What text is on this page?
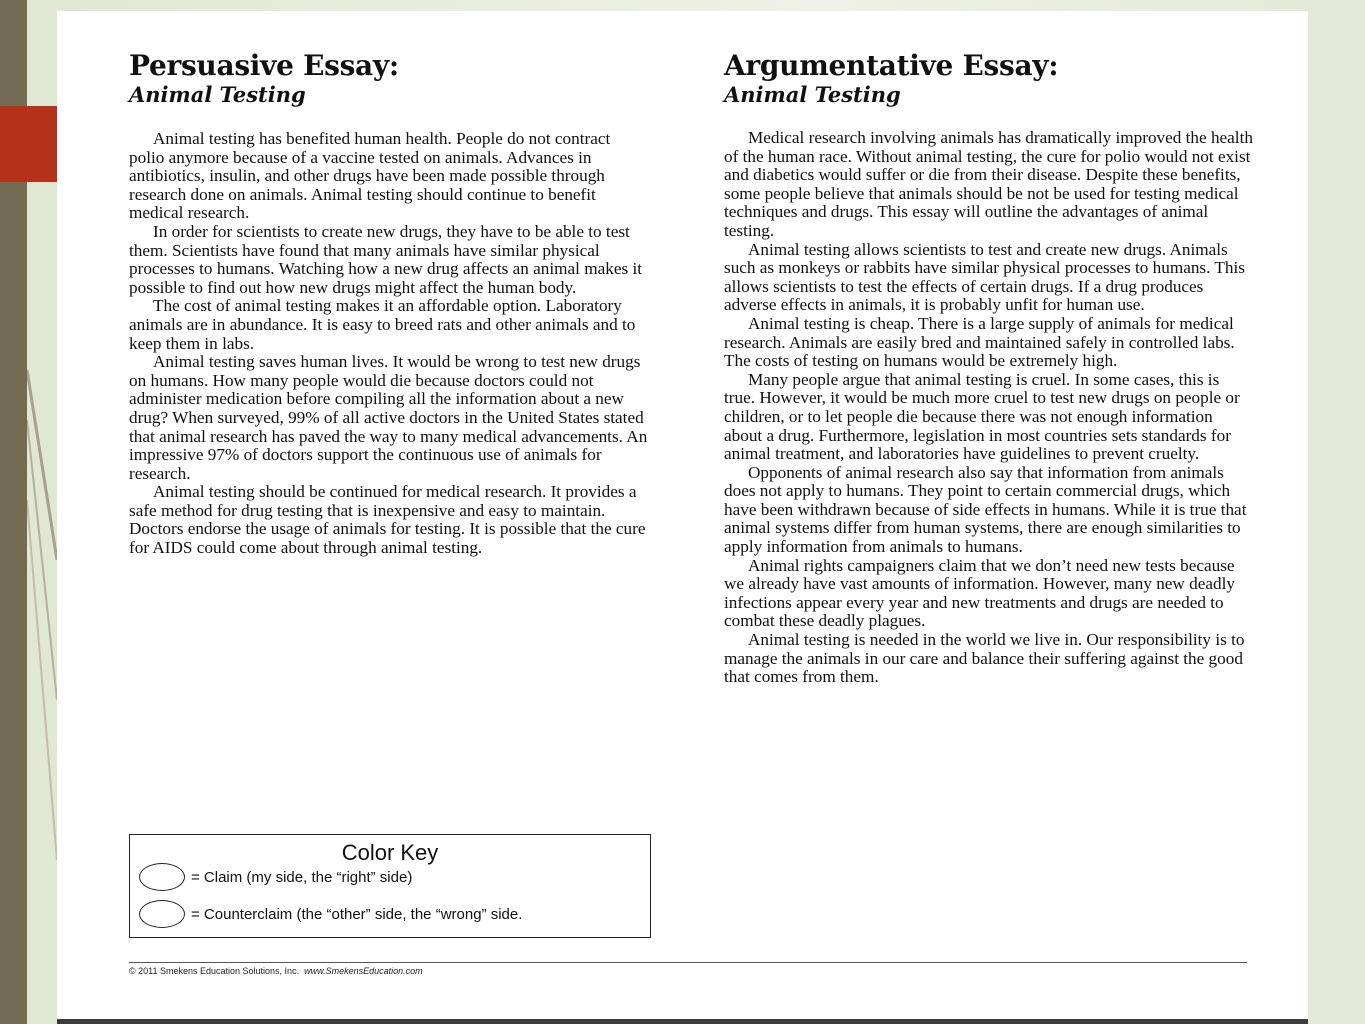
Persuasive Essay:
Animal Testing

Animal testing has benefited human health. People do not contract polio anymore because of a vaccine tested on animals. Advances in antibiotics, insulin, and other drugs have been made possible through research done on animals. Animal testing should continue to benefit medical research.

In order for scientists to create new drugs, they have to be able to test them. Scientists have found that many animals have similar physical processes to humans. Watching how a new drug affects an animal makes it possible to find out how new drugs might affect the human body.

The cost of animal testing makes it an affordable option. Laboratory animals are in abundance. It is easy to breed rats and other animals and to keep them in labs.

Animal testing saves human lives. It would be wrong to test new drugs on humans. How many people would die because doctors could not administer medication before compiling all the information about a new drug? When surveyed, 99% of all active doctors in the United States stated that animal research has paved the way to many medical advancements. An impressive 97% of doctors support the continuous use of animals for research.

Animal testing should be continued for medical research. It provides a safe method for drug testing that is inexpensive and easy to maintain. Doctors endorse the usage of animals for testing. It is possible that the cure for AIDS could come about through animal testing.

Argumentative Essay:
Animal Testing

Medical research involving animals has dramatically improved the health of the human race. Without animal testing, the cure for polio would not exist and diabetics would suffer or die from their disease. Despite these benefits, some people believe that animals should be not be used for testing medical techniques and drugs. This essay will outline the advantages of animal testing.

Animal testing allows scientists to test and create new drugs. Animals such as monkeys or rabbits have similar physical processes to humans. This allows scientists to test the effects of certain drugs. If a drug produces adverse effects in animals, it is probably unfit for human use.

Animal testing is cheap. There is a large supply of animals for medical research. Animals are easily bred and maintained safely in controlled labs. The costs of testing on humans would be extremely high.

Many people argue that animal testing is cruel. In some cases, this is true. However, it would be much more cruel to test new drugs on people or children, or to let people die because there was not enough information about a drug. Furthermore, legislation in most countries sets standards for animal treatment, and laboratories have guidelines to prevent cruelty.

Opponents of animal research also say that information from animals does not apply to humans. They point to certain commercial drugs, which have been withdrawn because of side effects in humans. While it is true that animal systems differ from human systems, there are enough similarities to apply information from animals to humans.

Animal rights campaigners claim that we don’t need new tests because we already have vast amounts of information. However, many new deadly infections appear every year and new treatments and drugs are needed to combat these deadly plagues.

Animal testing is needed in the world we live in. Our responsibility is to manage the animals in our care and balance their suffering against the good that comes from them.

Color Key
= Claim (my side, the “right” side)
= Counterclaim (the “other” side, the “wrong” side.
© 2011 Smekens Education Solutions, Inc. www.SmekensEducation.com
